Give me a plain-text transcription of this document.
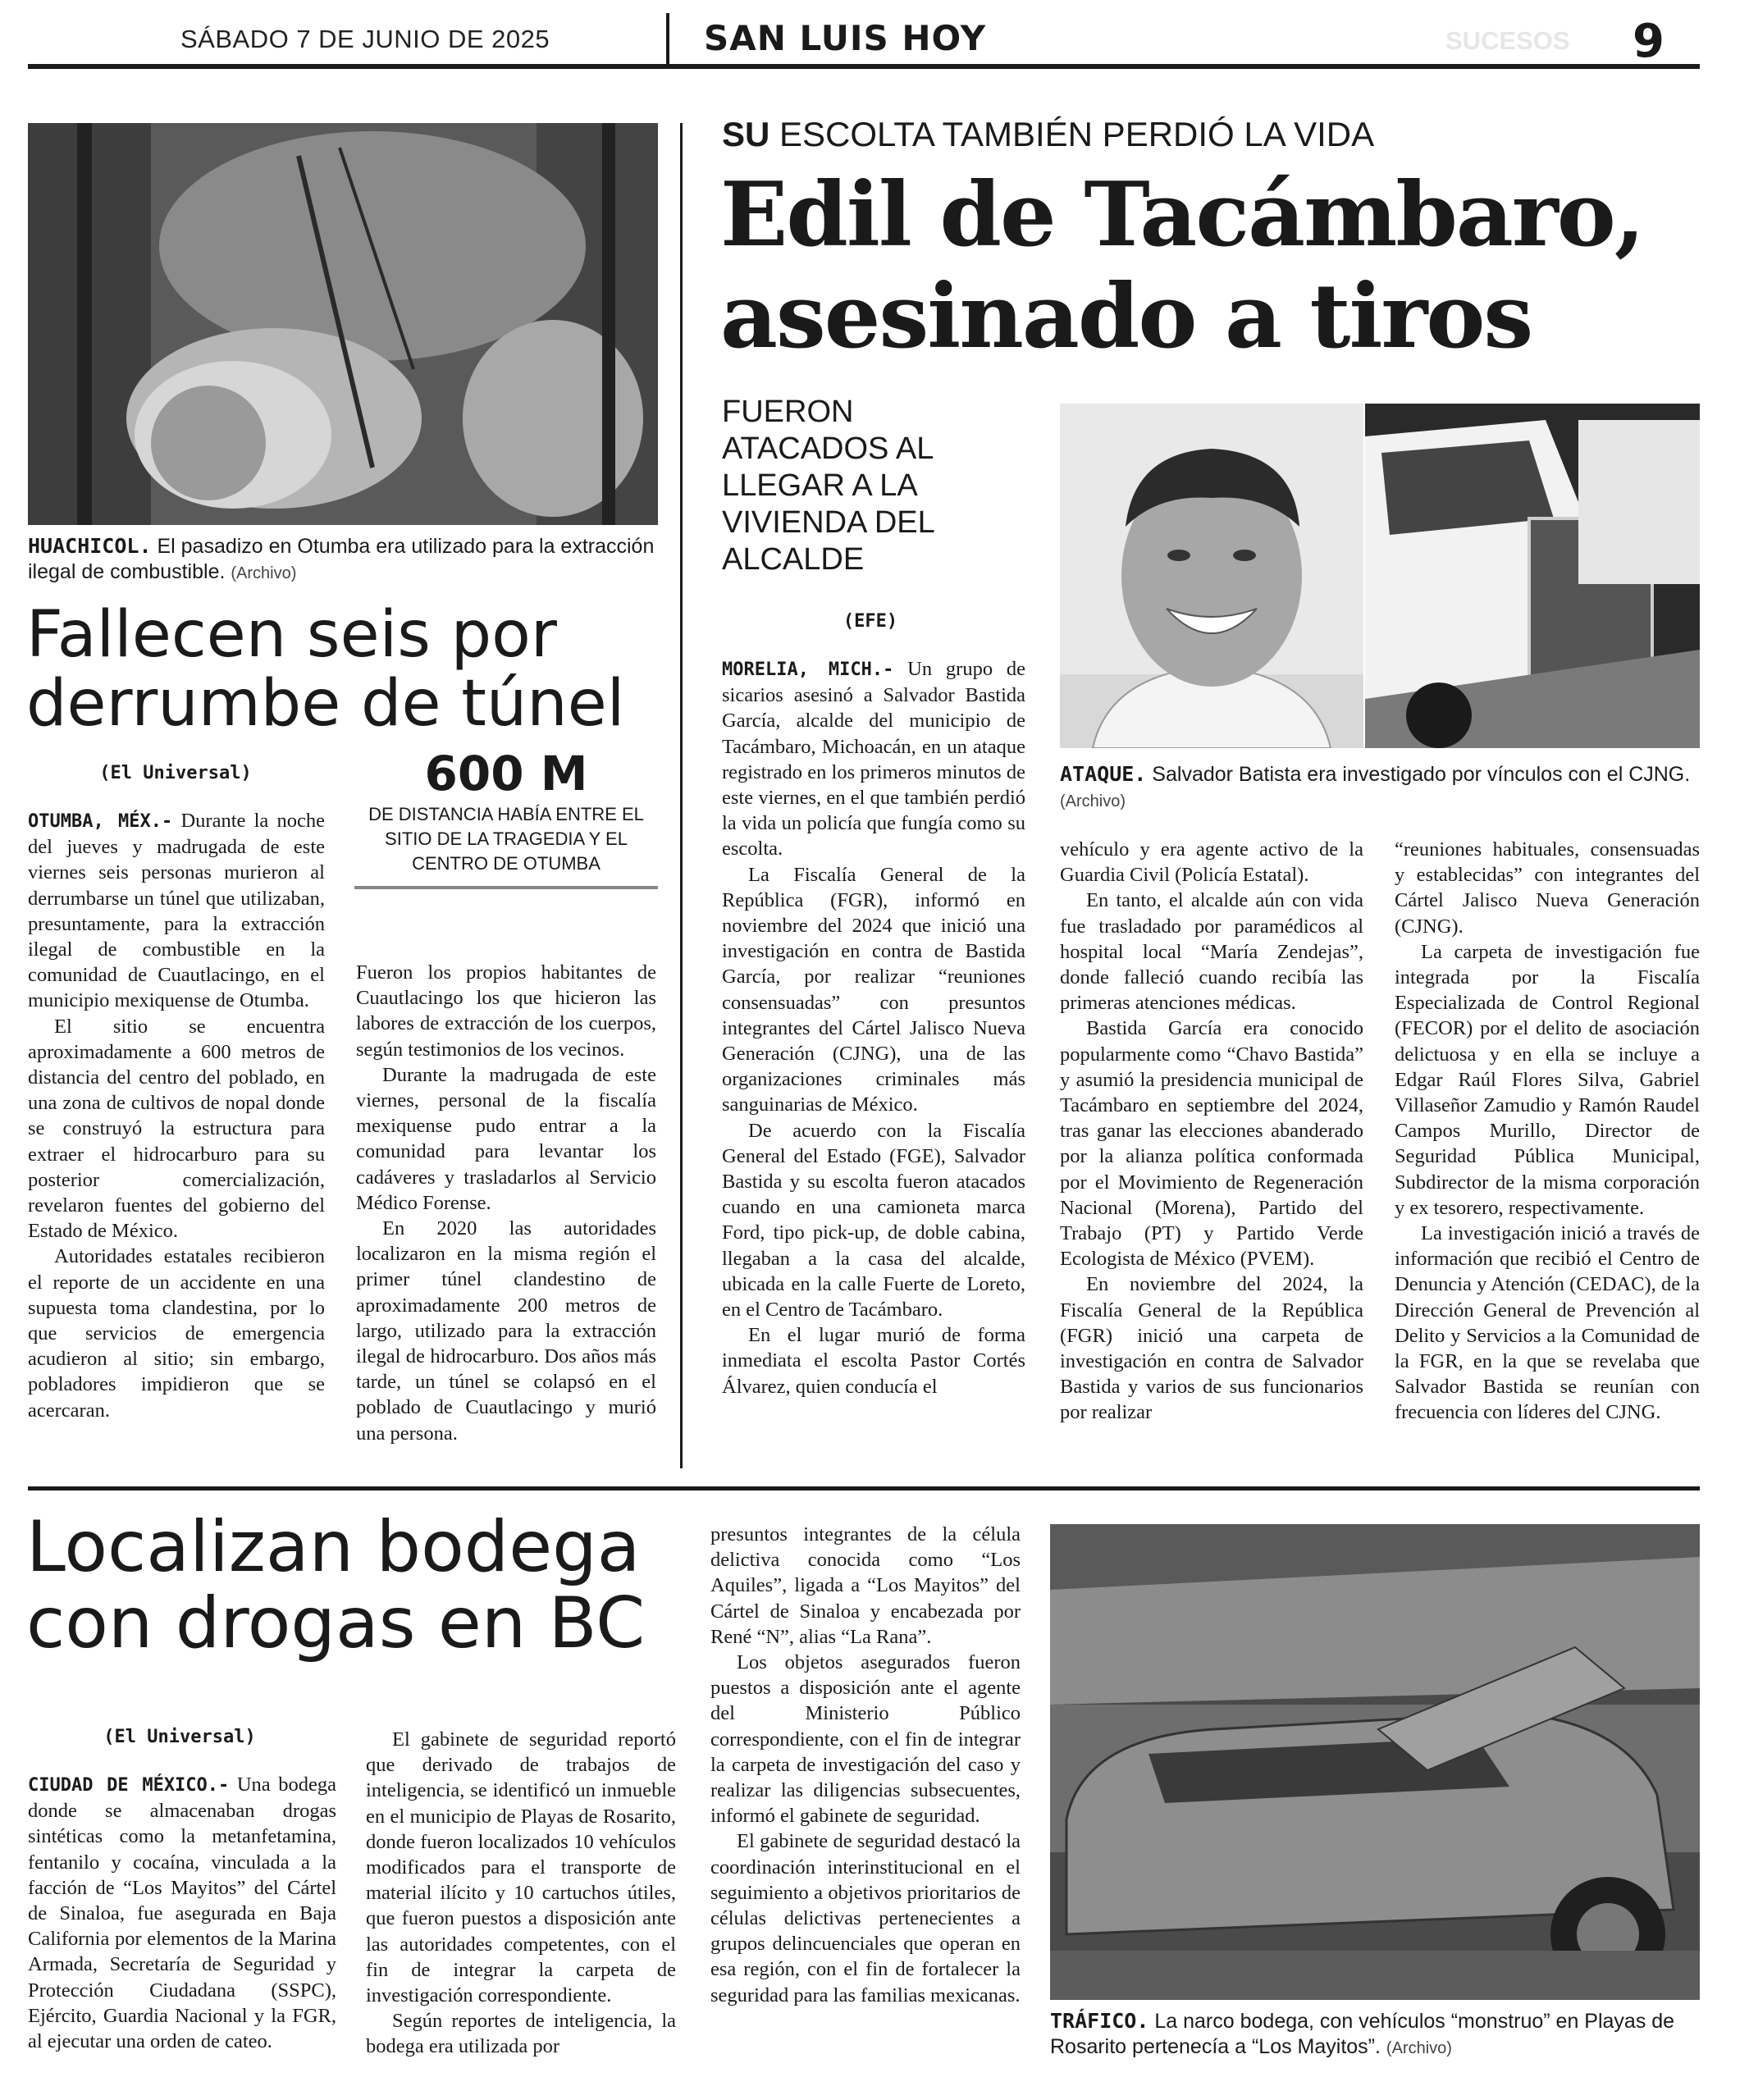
SÁBADO 7 DE JUNIO DE 2025	SAN LUIS HOY	SUCESOS 9
HUACHICOL. El pasadizo en Otumba era utilizado para la extracción ilegal de combustible. (Archivo)
Fallecen seis por derrumbe de túnel
(El Universal)

OTUMBA, MÉX.- Durante la noche del jueves y madrugada de este viernes seis personas murieron al derrumbarse un túnel que utilizaban, presuntamente, para la extracción ilegal de combustible en la comunidad de Cuautlacingo, en el municipio mexiquense de Otumba.

El sitio se encuentra aproximadamente a 600 metros de distancia del centro del poblado, en una zona de cultivos de nopal donde se construyó la estructura para extraer el hidrocarburo para su posterior comercialización, revelaron fuentes del gobierno del Estado de México.

Autoridades estatales recibieron el reporte de un accidente en una supuesta toma clandestina, por lo que servicios de emergencia acudieron al sitio; sin embargo, pobladores impidieron que se acercaran.

600 M
DE DISTANCIA HABÍA ENTRE EL SITIO DE LA TRAGEDIA Y EL CENTRO DE OTUMBA

Fueron los propios habitantes de Cuautlacingo los que hicieron las labores de extracción de los cuerpos, según testimonios de los vecinos.

Durante la madrugada de este viernes, personal de la fiscalía mexiquense pudo entrar a la comunidad para levantar los cadáveres y trasladarlos al Servicio Médico Forense.

En 2020 las autoridades localizaron en la misma región el primer túnel clandestino de aproximadamente 200 metros de largo, utilizado para la extracción ilegal de hidrocarburo. Dos años más tarde, un túnel se colapsó en el poblado de Cuautlacingo y murió una persona.

SU ESCOLTA TAMBIÉN PERDIÓ LA VIDA
Edil de Tacámbaro, asesinado a tiros
FUERON ATACADOS AL LLEGAR A LA VIVIENDA DEL ALCALDE
(EFE)
ATAQUE. Salvador Batista era investigado por vínculos con el CJNG. (Archivo)

MORELIA, MICH.- Un grupo de sicarios asesinó a Salvador Bastida García, alcalde del municipio de Tacámbaro, Michoacán, en un ataque registrado en los primeros minutos de este viernes, en el que también perdió la vida un policía que fungía como su escolta.

La Fiscalía General de la República (FGR), informó en noviembre del 2024 que inició una investigación en contra de Bastida García, por realizar “reuniones consensuadas” con presuntos integrantes del Cártel Jalisco Nueva Generación (CJNG), una de las organizaciones criminales más sanguinarias de México.

De acuerdo con la Fiscalía General del Estado (FGE), Salvador Bastida y su escolta fueron atacados cuando en una camioneta marca Ford, tipo pick-up, de doble cabina, llegaban a la casa del alcalde, ubicada en la calle Fuerte de Loreto, en el Centro de Tacámbaro.

En el lugar murió de forma inmediata el escolta Pastor Cortés Álvarez, quien conducía el

vehículo y era agente activo de la Guardia Civil (Policía Estatal).

En tanto, el alcalde aún con vida fue trasladado por paramédicos al hospital local “María Zendejas”, donde falleció cuando recibía las primeras atenciones médicas.

Bastida García era conocido popularmente como “Chavo Bastida” y asumió la presidencia municipal de Tacámbaro en septiembre del 2024, tras ganar las elecciones abanderado por la alianza política conformada por el Movimiento de Regeneración Nacional (Morena), Partido del Trabajo (PT) y Partido Verde Ecologista de México (PVEM).

En noviembre del 2024, la Fiscalía General de la República (FGR) inició una carpeta de investigación en contra de Salvador Bastida y varios de sus funcionarios por realizar

“reuniones habituales, consensuadas y establecidas” con integrantes del Cártel Jalisco Nueva Generación (CJNG).

La carpeta de investigación fue integrada por la Fiscalía Especializada de Control Regional (FECOR) por el delito de asociación delictuosa y en ella se incluye a Edgar Raúl Flores Silva, Gabriel Villaseñor Zamudio y Ramón Raudel Campos Murillo, Director de Seguridad Pública Municipal, Subdirector de la misma corporación y ex tesorero, respectivamente.

La investigación inició a través de información que recibió el Centro de Denuncia y Atención (CEDAC), de la Dirección General de Prevención al Delito y Servicios a la Comunidad de la FGR, en la que se revelaba que Salvador Bastida se reunían con frecuencia con líderes del CJNG.

Localizan bodega con drogas en BC
(El Universal)

CIUDAD DE MÉXICO.- Una bodega donde se almacenaban drogas sintéticas como la metanfetamina, fentanilo y cocaína, vinculada a la facción de “Los Mayitos” del Cártel de Sinaloa, fue asegurada en Baja California por elementos de la Marina Armada, Secretaría de Seguridad y Protección Ciudadana (SSPC), Ejército, Guardia Nacional y la FGR, al ejecutar una orden de cateo.

El gabinete de seguridad reportó que derivado de trabajos de inteligencia, se identificó un inmueble en el municipio de Playas de Rosarito, donde fueron localizados 10 vehículos modificados para el transporte de material ilícito y 10 cartuchos útiles, que fueron puestos a disposición ante las autoridades competentes, con el fin de integrar la carpeta de investigación correspondiente.

Según reportes de inteligencia, la bodega era utilizada por

presuntos integrantes de la célula delictiva conocida como “Los Aquiles”, ligada a “Los Mayitos” del Cártel de Sinaloa y encabezada por René “N”, alias “La Rana”.

Los objetos asegurados fueron puestos a disposición ante el agente del Ministerio Público correspondiente, con el fin de integrar la carpeta de investigación del caso y realizar las diligencias subsecuentes, informó el gabinete de seguridad.

El gabinete de seguridad destacó la coordinación interinstitucional en el seguimiento a objetivos prioritarios de células delictivas pertenecientes a grupos delincuenciales que operan en esa región, con el fin de fortalecer la seguridad para las familias mexicanas.

TRÁFICO. La narco bodega, con vehículos “monstruo” en Playas de Rosarito pertenecía a “Los Mayitos”. (Archivo)
